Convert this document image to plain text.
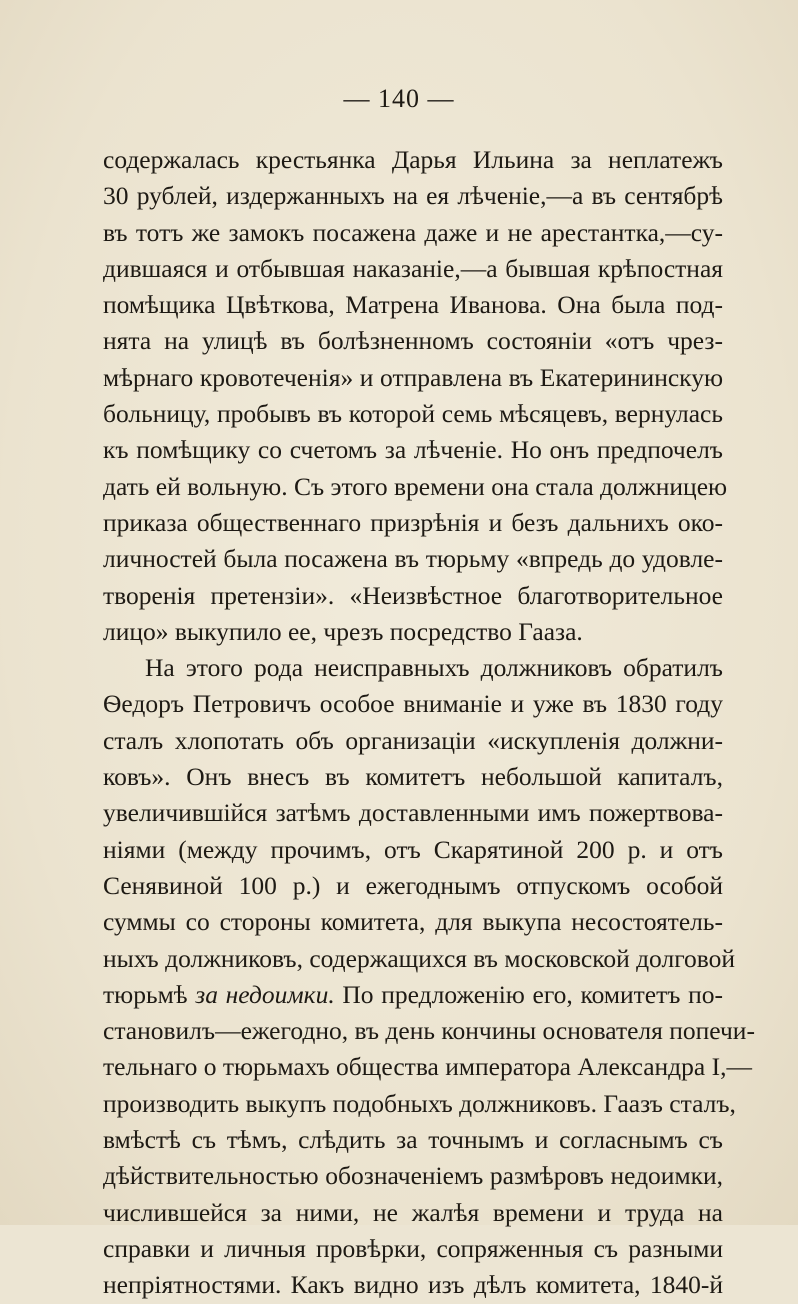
— 140 —
содержалась крестьянка Дарья Ильина за неплатежъ
30 рублей, издержанныхъ на ея лѣченіе,—а въ сентябрѣ
въ тотъ же замокъ посажена даже и не арестантка,—су-
дившаяся и отбывшая наказаніе,—а бывшая крѣпостная
помѣщика Цвѣткова, Матрена Иванова. Она была под-
нята на улицѣ въ болѣзненномъ состояніи «отъ чрез-
мѣрнаго кровотеченія» и отправлена въ Екатерининскую
больницу, пробывъ въ которой семь мѣсяцевъ, вернулась
къ помѣщику со счетомъ за лѣченіе. Но онъ предпочелъ
дать ей вольную. Съ этого времени она стала должницею
приказа общественнаго призрѣнія и безъ дальнихъ око-
личностей была посажена въ тюрьму «впредь до удовле-
творенія претензіи». «Неизвѣстное благотворительное
лицо» выкупило ее, чрезъ посредство Гааза.
На этого рода неисправныхъ должниковъ обратилъ
Ѳедоръ Петровичъ особое вниманіе и уже въ 1830 году
сталъ хлопотать объ организаціи «искупленія должни-
ковъ». Онъ внесъ въ комитетъ небольшой капиталъ,
увеличившійся затѣмъ доставленными имъ пожертвова-
ніями (между прочимъ, отъ Скарятиной 200 р. и отъ
Сенявиной 100 р.) и ежегоднымъ отпускомъ особой
суммы со стороны комитета, для выкупа несостоятель-
ныхъ должниковъ, содержащихся въ московской долговой
тюрьмѣ за недоимки. По предложенію его, комитетъ по-
становилъ—ежегодно, въ день кончины основателя попечи-
тельнаго о тюрьмахъ общества императора Александра I,—
производить выкупъ подобныхъ должниковъ. Гаазъ сталъ,
вмѣстѣ съ тѣмъ, слѣдить за точнымъ и согласнымъ съ
дѣйствительностью обозначеніемъ размѣровъ недоимки,
числившейся за ними, не жалѣя времени и труда на
справки и личныя провѣрки, сопряженныя съ разными
непріятностями. Какъ видно изъ дѣлъ комитета, 1840-й
